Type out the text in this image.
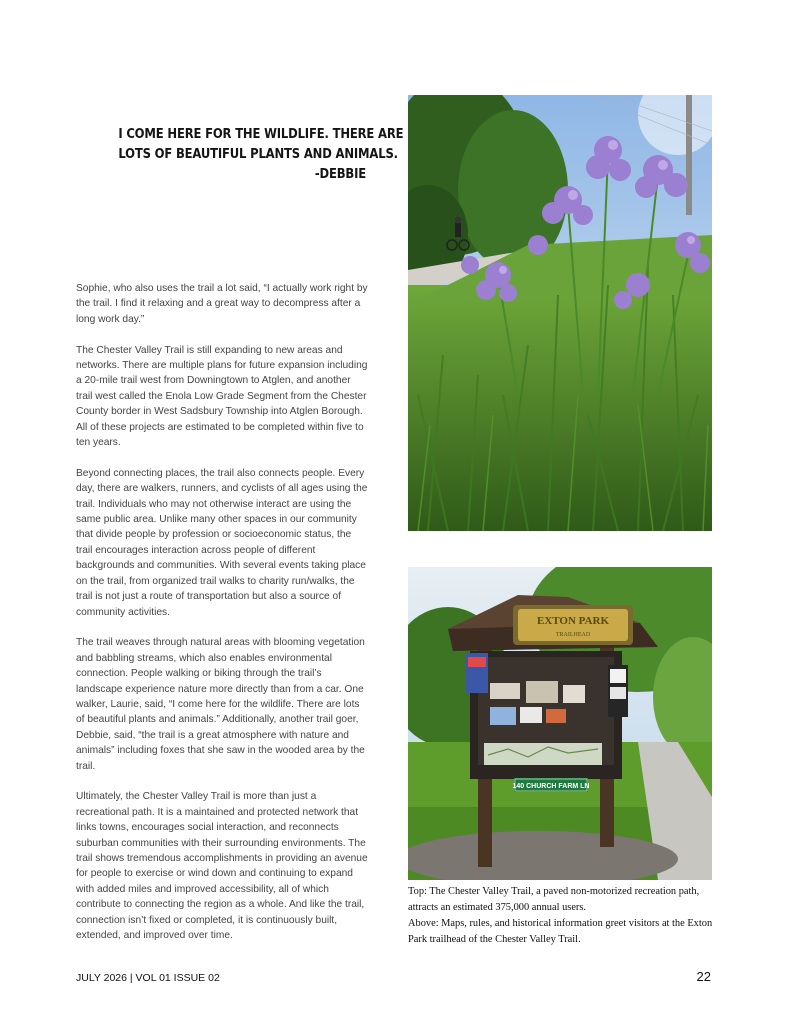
I COME HERE FOR THE WILDLIFE. THERE ARE
LOTS OF BEAUTIFUL PLANTS AND ANIMALS.
-DEBBIE

Sophie, who also uses the trail a lot said, “I actually work right by the trail. I find it relaxing and a great way to decompress after a long work day.”

The Chester Valley Trail is still expanding to new areas and networks. There are multiple plans for future expansion including a 20-mile trail west from Downingtown to Atglen, and another trail west called the Enola Low Grade Segment from the Chester County border in West Sadsbury Township into Atglen Borough. All of these projects are estimated to be completed within five to ten years.

Beyond connecting places, the trail also connects people. Every day, there are walkers, runners, and cyclists of all ages using the trail. Individuals who may not otherwise interact are using the same public area. Unlike many other spaces in our community that divide people by profession or socioeconomic status, the trail encourages interaction across people of different backgrounds and communities. With several events taking place on the trail, from organized trail walks to charity run/walks, the trail is not just a route of transportation but also a source of community activities.

The trail weaves through natural areas with blooming vegetation and babbling streams, which also enables environmental connection. People walking or biking through the trail’s landscape experience nature more directly than from a car. One walker, Laurie, said, “I come here for the wildlife. There are lots of beautiful plants and animals.” Additionally, another trail goer, Debbie, said, “the trail is a great atmosphere with nature and animals” including foxes that she saw in the wooded area by the trail.

Ultimately, the Chester Valley Trail is more than just a recreational path. It is a maintained and protected network that links towns, encourages social interaction, and reconnects suburban communities with their surrounding environments. The trail shows tremendous accomplishments in providing an avenue for people to exercise or wind down and continuing to expand with added miles and improved accessibility, all of which contribute to connecting the region as a whole. And like the trail, connection isn’t fixed or completed, it is continuously built, extended, and improved over time.

EXTON PARK
TRAILHEAD
140 CHURCH FARM LN
Top: The Chester Valley Trail, a paved non-motorized recreation path, attracts an estimated 375,000 annual users.
Above: Maps, rules, and historical information greet visitors at the Exton Park trailhead of the Chester Valley Trail.
JULY 2026 | VOL 01 ISSUE 02	22
